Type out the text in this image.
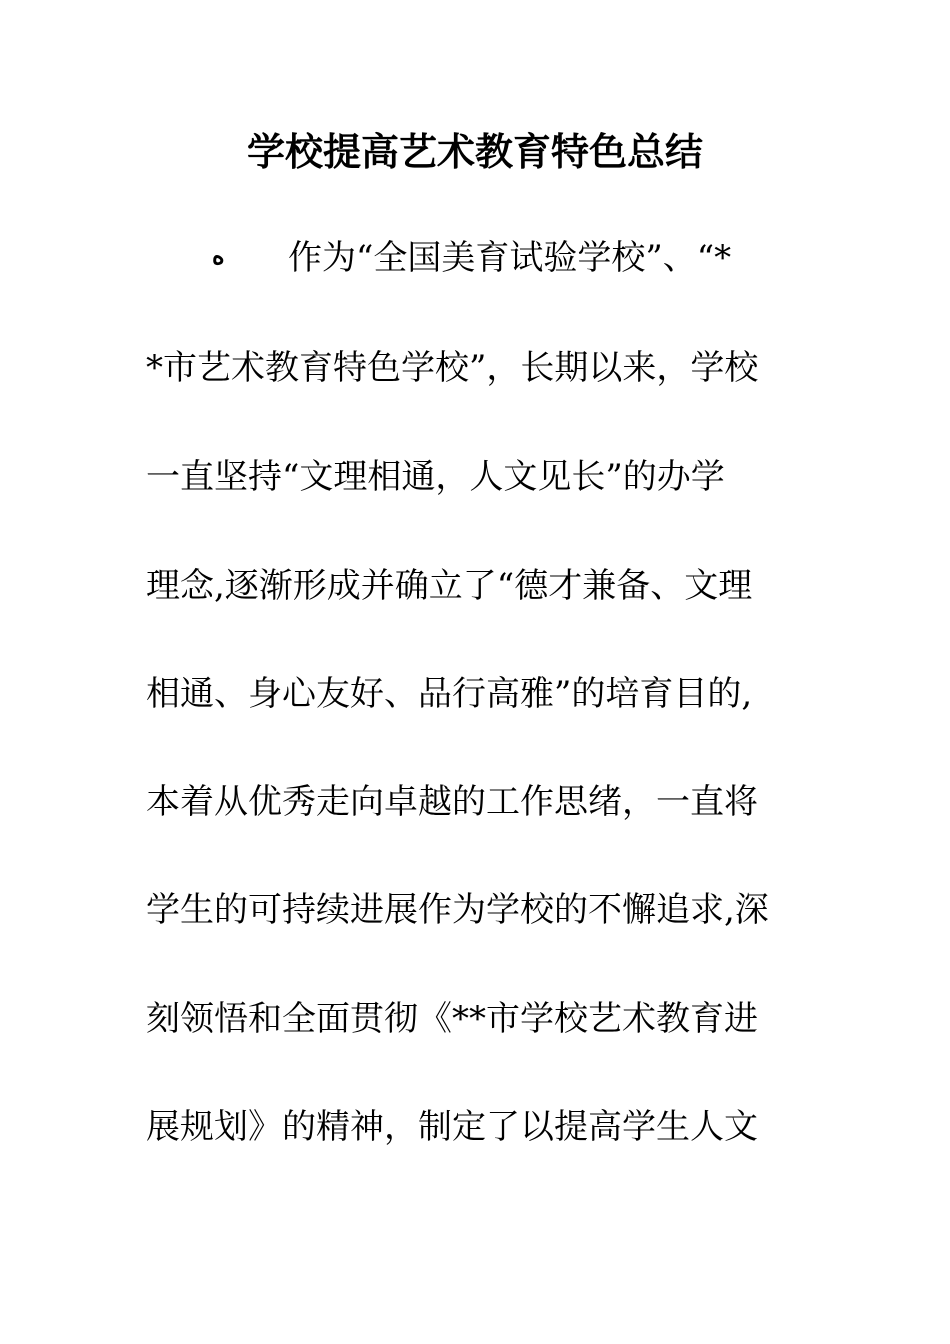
学校提高艺术教育特色总结
ه 作为“全国美育试验学校”、“*
*市艺术教育特色学校”，长期以来，学校
一直坚持“文理相通，人文见长”的办学
理念,逐渐形成并确立了“德才兼备、文理
相通、身心友好、品行高雅”的培育目的,
本着从优秀走向卓越的工作思绪，一直将
学生的可持续进展作为学校的不懈追求,深
刻领悟和全面贯彻《**市学校艺术教育进
展规划》的精神，制定了以提高学生人文
